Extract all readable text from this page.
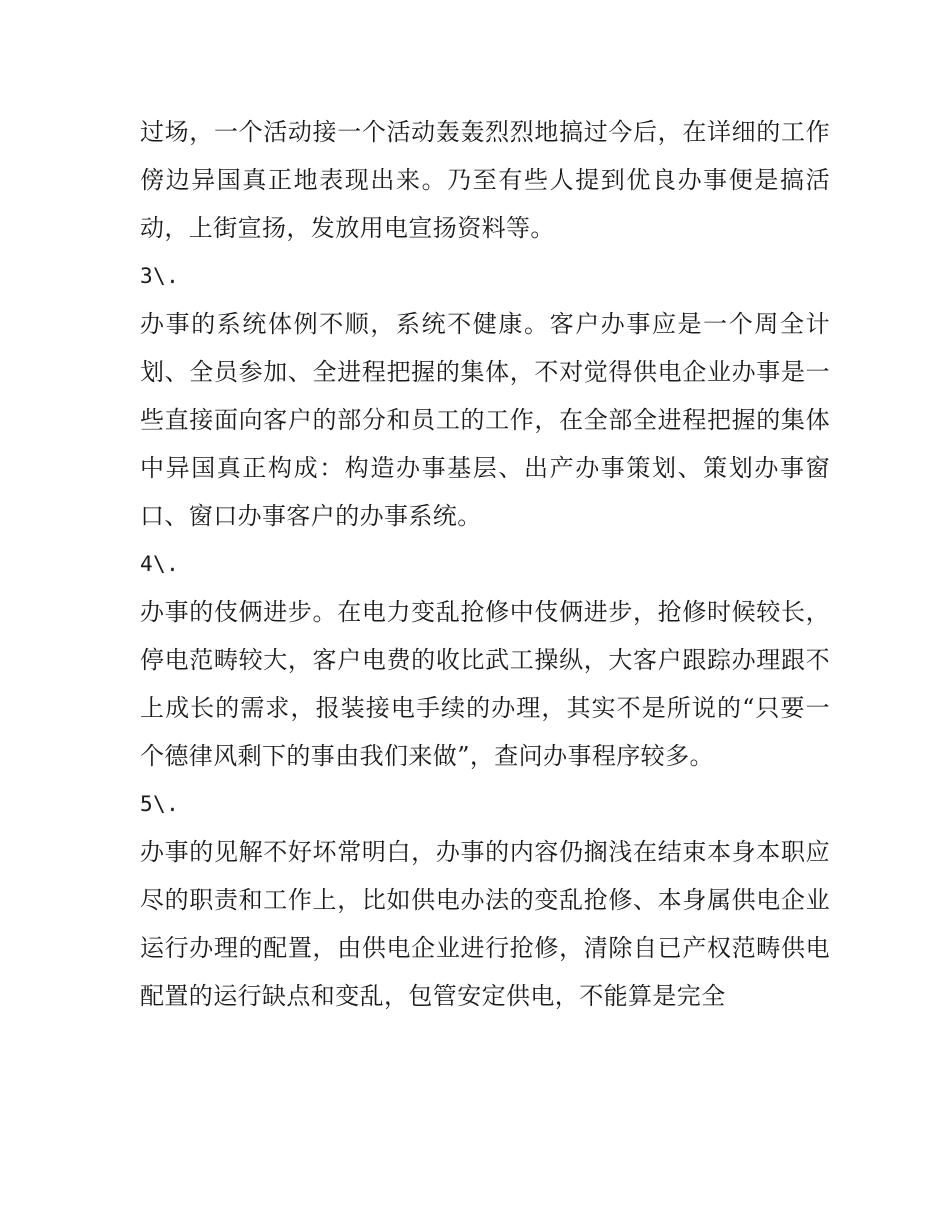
过场，一个活动接一个活动轰轰烈烈地搞过今后，在详细的工作傍边异国真正地表现出来。乃至有些人提到优良办事便是搞活动，上街宣扬，发放用电宣扬资料等。

3\.

办事的系统体例不顺，系统不健康。客户办事应是一个周全计划、全员参加、全进程把握的集体，不对觉得供电企业办事是一些直接面向客户的部分和员工的工作，在全部全进程把握的集体中异国真正构成：构造办事基层、出产办事策划、策划办事窗口、窗口办事客户的办事系统。

4\.

办事的伎俩进步。在电力变乱抢修中伎俩进步，抢修时候较长，停电范畴较大，客户电费的收比武工操纵，大客户跟踪办理跟不上成长的需求，报装接电手续的办理，其实不是所说的“只要一个德律风剩下的事由我们来做”，查问办事程序较多。

5\.

办事的见解不好坏常明白，办事的内容仍搁浅在结束本身本职应尽的职责和工作上，比如供电办法的变乱抢修、本身属供电企业运行办理的配置，由供电企业进行抢修，清除自已产权范畴供电配置的运行缺点和变乱，包管安定供电，不能算是完全
